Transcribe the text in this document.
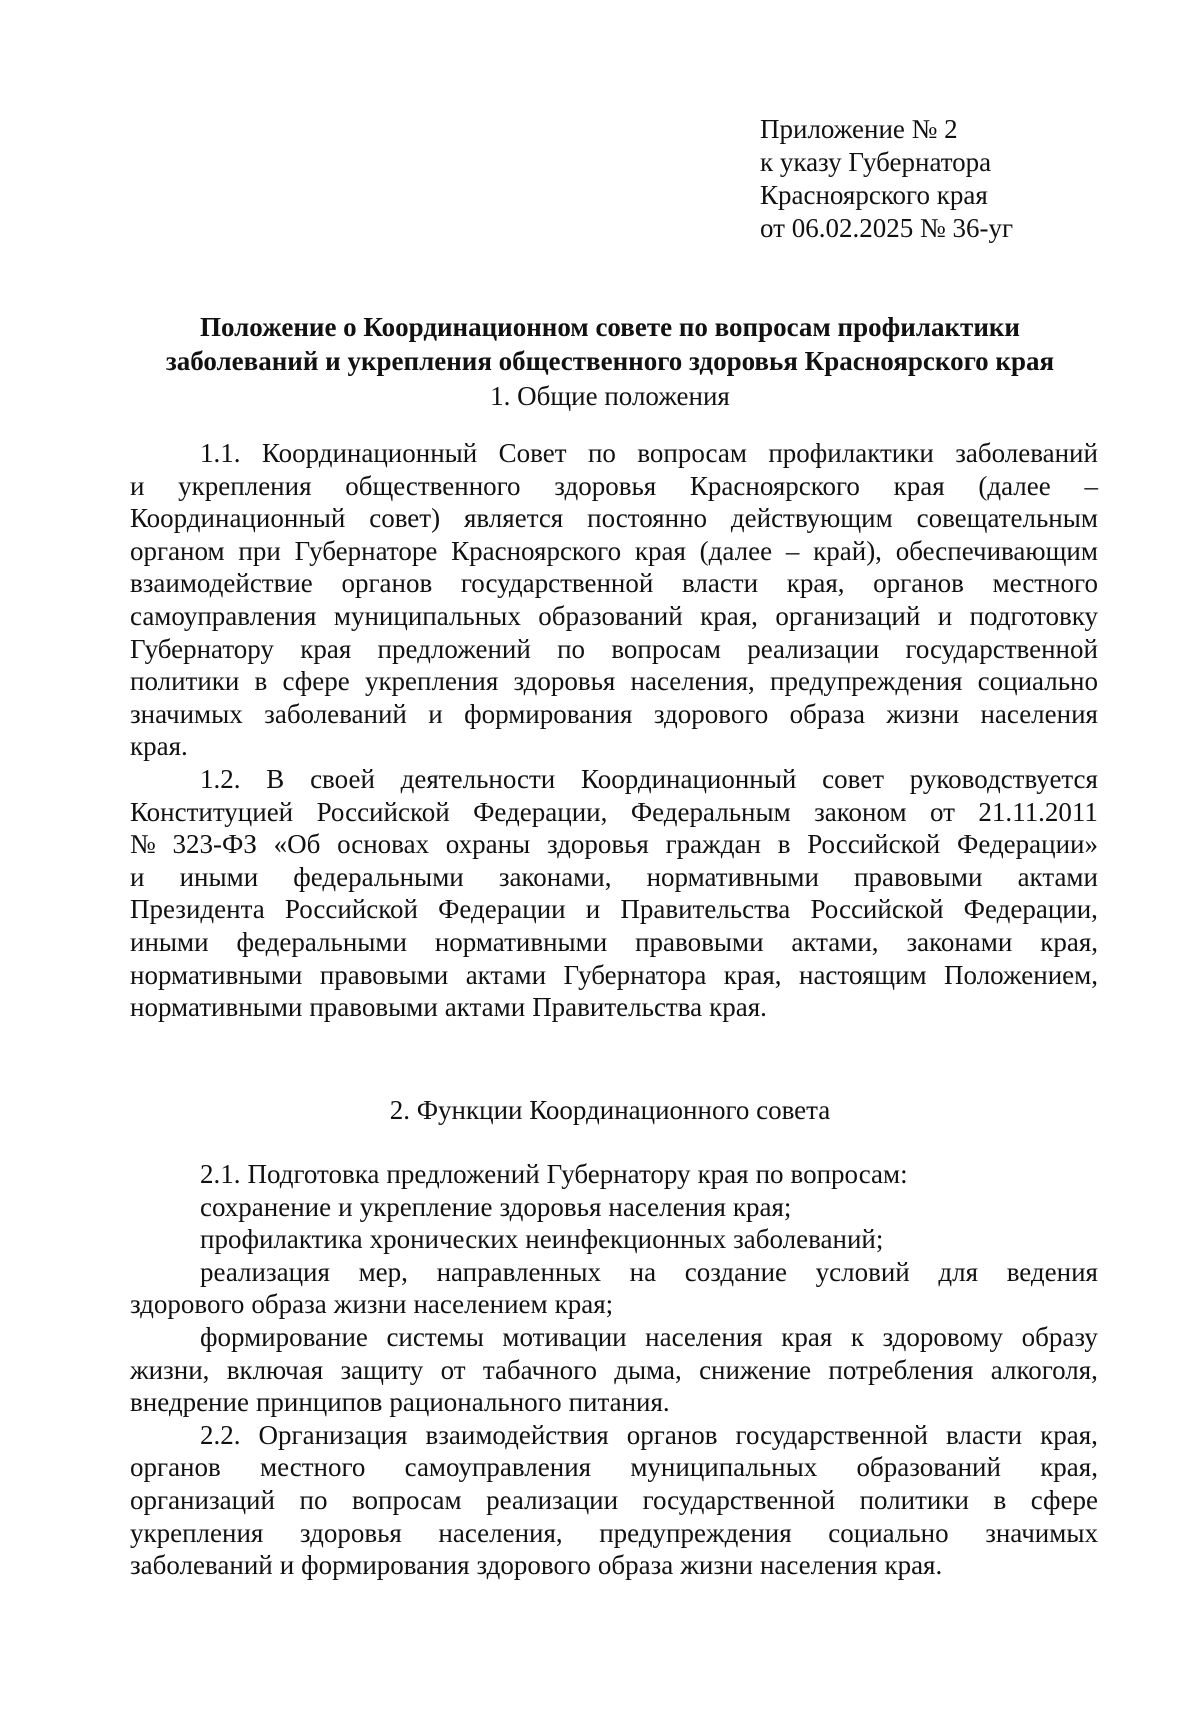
Приложение № 2
к указу Губернатора
Красноярского края
от 06.02.2025 № 36-уг
Положение о Координационном совете по вопросам профилактики
заболеваний и укрепления общественного здоровья Красноярского края
1. Общие положения
1.1. Координационный Совет по вопросам профилактики заболеваний
и укрепления общественного здоровья Красноярского края (далее –
Координационный совет) является постоянно действующим совещательным
органом при Губернаторе Красноярского края (далее – край), обеспечивающим
взаимодействие органов государственной власти края, органов местного
самоуправления муниципальных образований края, организаций и подготовку
Губернатору края предложений по вопросам реализации государственной
политики в сфере укрепления здоровья населения, предупреждения социально
значимых заболеваний и формирования здорового образа жизни населения
края.
1.2. В своей деятельности Координационный совет руководствуется
Конституцией Российской Федерации, Федеральным законом от 21.11.2011
№ 323-ФЗ «Об основах охраны здоровья граждан в Российской Федерации»
и иными федеральными законами, нормативными правовыми актами
Президента Российской Федерации и Правительства Российской Федерации,
иными федеральными нормативными правовыми актами, законами края,
нормативными правовыми актами Губернатора края, настоящим Положением,
нормативными правовыми актами Правительства края.
2. Функции Координационного совета
2.1. Подготовка предложений Губернатору края по вопросам:
сохранение и укрепление здоровья населения края;
профилактика хронических неинфекционных заболеваний;
реализация мер, направленных на создание условий для ведения
здорового образа жизни населением края;
формирование системы мотивации населения края к здоровому образу
жизни, включая защиту от табачного дыма, снижение потребления алкоголя,
внедрение принципов рационального питания.
2.2. Организация взаимодействия органов государственной власти края,
органов местного самоуправления муниципальных образований края,
организаций по вопросам реализации государственной политики в сфере
укрепления здоровья населения, предупреждения социально значимых
заболеваний и формирования здорового образа жизни населения края.
